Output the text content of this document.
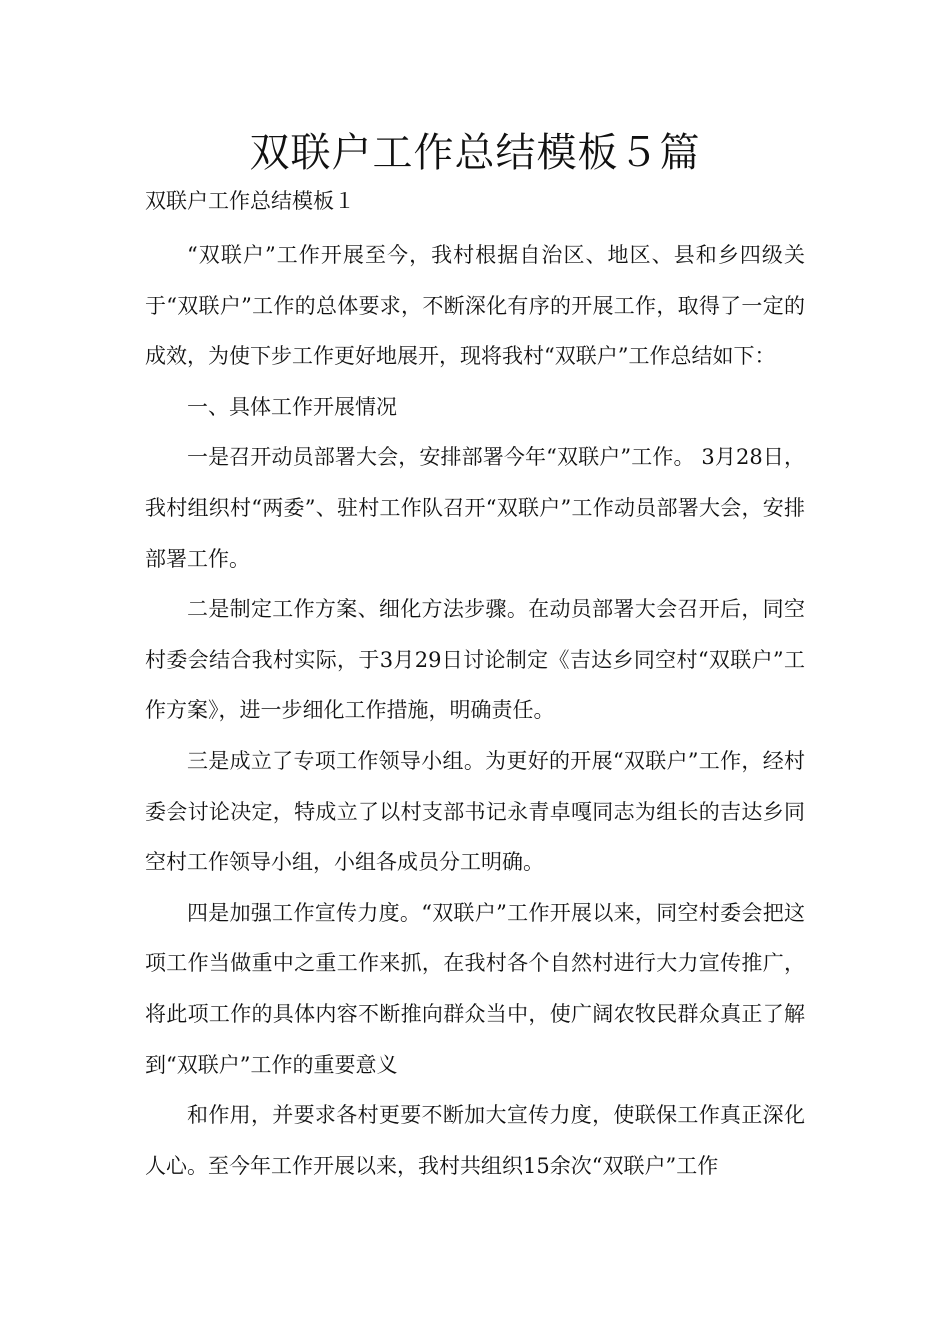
双联户工作总结模板５篇

双联户工作总结模板１

“双联户”工作开展至今，我村根据自治区、地区、县和乡四级关于“双联户”工作的总体要求，不断深化有序的开展工作，取得了一定的成效，为使下步工作更好地展开，现将我村“双联户”工作总结如下：

一、具体工作开展情况

一是召开动员部署大会，安排部署今年“双联户”工作。 3月28日，我村组织村“两委”、驻村工作队召开“双联户”工作动员部署大会，安排部署工作。

二是制定工作方案、细化方法步骤。在动员部署大会召开后，同空村委会结合我村实际，于3月29日讨论制定《吉达乡同空村“双联户”工作方案》，进一步细化工作措施，明确责任。

三是成立了专项工作领导小组。为更好的开展“双联户”工作，经村委会讨论决定，特成立了以村支部书记永青卓嘎同志为组长的吉达乡同空村工作领导小组，小组各成员分工明确。

四是加强工作宣传力度。“双联户”工作开展以来，同空村委会把这项工作当做重中之重工作来抓，在我村各个自然村进行大力宣传推广，将此项工作的具体内容不断推向群众当中，使广阔农牧民群众真正了解到“双联户”工作的重要意义

和作用，并要求各村更要不断加大宣传力度，使联保工作真正深化人心。至今年工作开展以来，我村共组织15余次“双联户”工作
